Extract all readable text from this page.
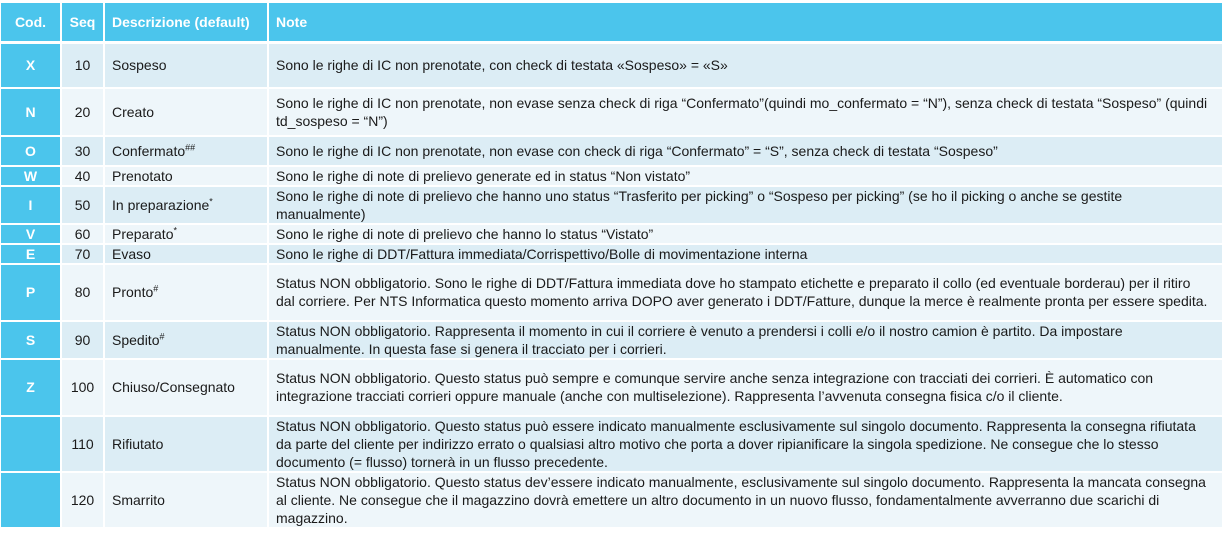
Cod.	Seq	Descrizione (default)	Note
X	10	Sospeso	Sono le righe di IC non prenotate, con check di testata «Sospeso» = «S»
N	20	Creato	Sono le righe di IC non prenotate, non evase senza check di riga “Confermato”(quindi mo_confermato = “N”), senza check di testata “Sospeso” (quindi td_sospeso = “N”)
O	30	Confermato##	Sono le righe di IC non prenotate, non evase con check di riga “Confermato” = “S”, senza check di testata “Sospeso”
W	40	Prenotato	Sono le righe di note di prelievo generate ed in status “Non vistato”
I	50	In preparazione*	Sono le righe di note di prelievo che hanno uno status “Trasferito per picking” o “Sospeso per picking” (se ho il picking o anche se gestite manualmente)
V	60	Preparato*	Sono le righe di note di prelievo che hanno lo status “Vistato”
E	70	Evaso	Sono le righe di DDT/Fattura immediata/Corrispettivo/Bolle di movimentazione interna
P	80	Pronto#	Status NON obbligatorio. Sono le righe di DDT/Fattura immediata dove ho stampato etichette e preparato il collo (ed eventuale borderau) per il ritiro dal corriere. Per NTS Informatica questo momento arriva DOPO aver generato i DDT/Fatture, dunque la merce è realmente pronta per essere spedita.
S	90	Spedito#	Status NON obbligatorio. Rappresenta il momento in cui il corriere è venuto a prendersi i colli e/o il nostro camion è partito. Da impostare manualmente. In questa fase si genera il tracciato per i corrieri.
Z	100	Chiuso/Consegnato	Status NON obbligatorio. Questo status può sempre e comunque servire anche senza integrazione con tracciati dei corrieri. È automatico con integrazione tracciati corrieri oppure manuale (anche con multiselezione). Rappresenta l’avvenuta consegna fisica c/o il cliente.
	110	Rifiutato	Status NON obbligatorio. Questo status può essere indicato manualmente esclusivamente sul singolo documento. Rappresenta la consegna rifiutata da parte del cliente per indirizzo errato o qualsiasi altro motivo che porta a dover ripianificare la singola spedizione. Ne consegue che lo stesso documento (= flusso) tornerà in un flusso precedente.
	120	Smarrito	Status NON obbligatorio. Questo status dev’essere indicato manualmente, esclusivamente sul singolo documento. Rappresenta la mancata consegna al cliente. Ne consegue che il magazzino dovrà emettere un altro documento in un nuovo flusso, fondamentalmente avverranno due scarichi di magazzino.
